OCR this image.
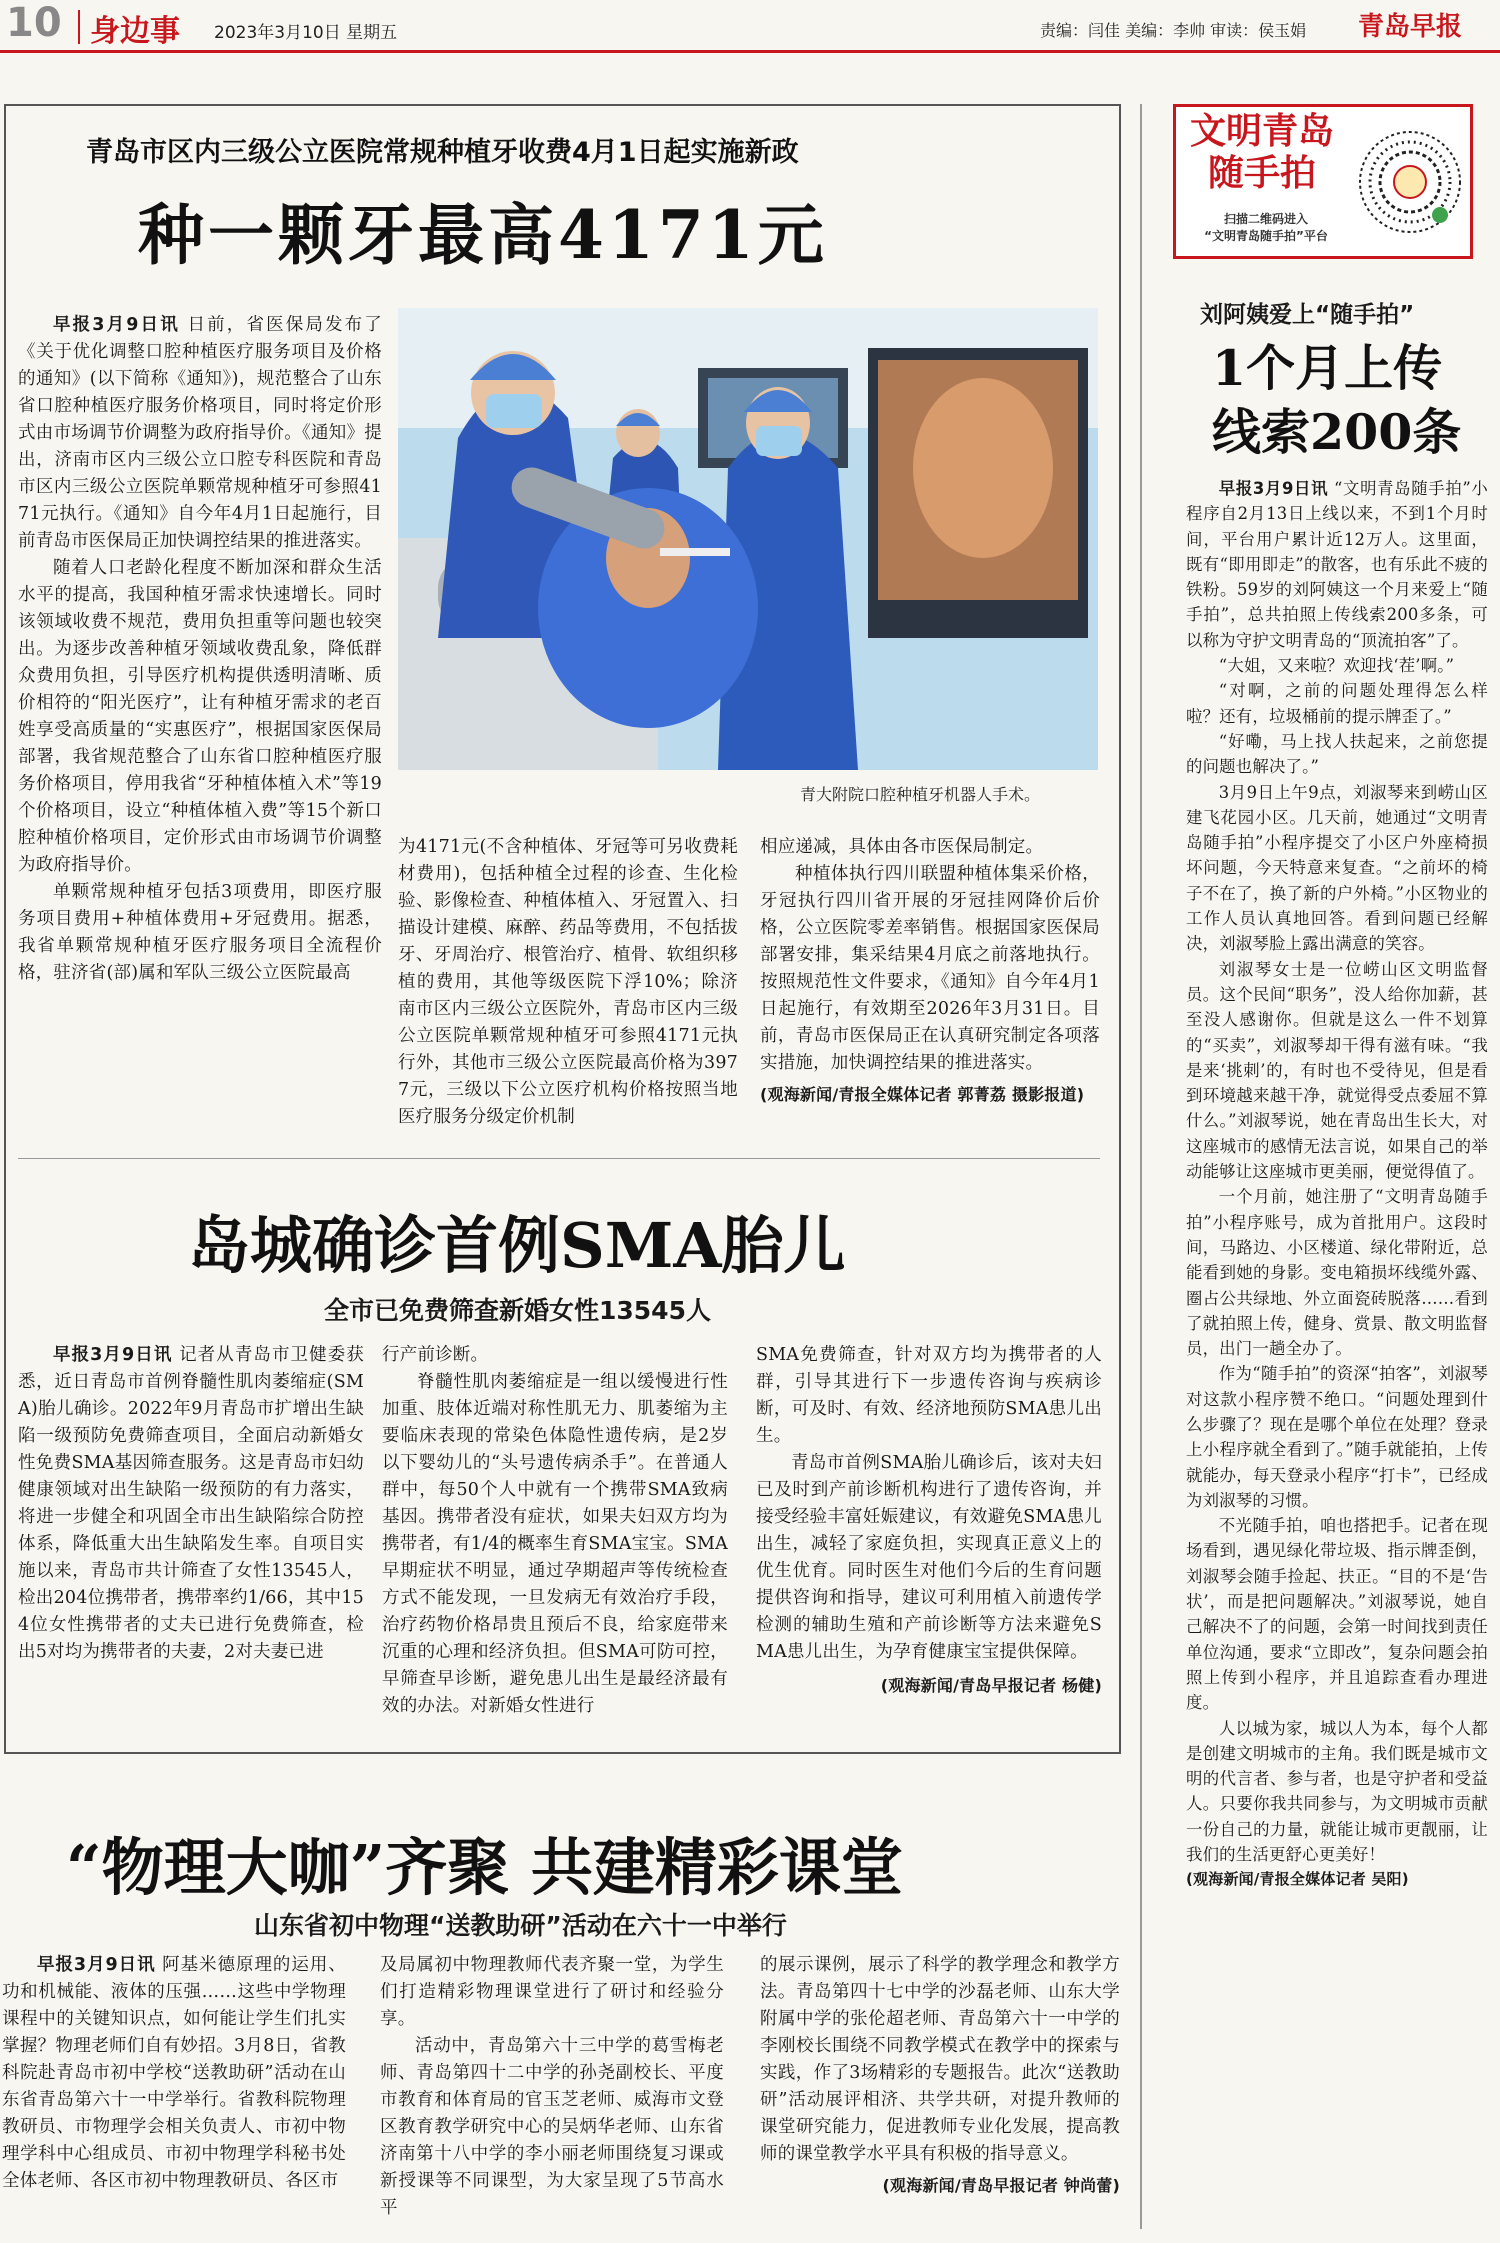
10 身边事 2023年3月10日 星期五	责编：闫佳 美编：李帅 审读：侯玉娟 青岛早报
青岛市区内三级公立医院常规种植牙收费4月1日起实施新政
种一颗牙最高4171元

早报3月9日讯 日前，省医保局发布了《关于优化调整口腔种植医疗服务项目及价格的通知》(以下简称《通知》)，规范整合了山东省口腔种植医疗服务价格项目，同时将定价形式由市场调节价调整为政府指导价。《通知》提出，济南市区内三级公立口腔专科医院和青岛市区内三级公立医院单颗常规种植牙可参照4171元执行。《通知》自今年4月1日起施行，目前青岛市医保局正加快调控结果的推进落实。

随着人口老龄化程度不断加深和群众生活水平的提高，我国种植牙需求快速增长。同时该领域收费不规范，费用负担重等问题也较突出。为逐步改善种植牙领域收费乱象，降低群众费用负担，引导医疗机构提供透明清晰、质价相符的“阳光医疗”，让有种植牙需求的老百姓享受高质量的“实惠医疗”，根据国家医保局部署，我省规范整合了山东省口腔种植医疗服务价格项目，停用我省“牙种植体植入术”等19个价格项目，设立“种植体植入费”等15个新口腔种植价格项目，定价形式由市场调节价调整为政府指导价。

单颗常规种植牙包括3项费用，即医疗服务项目费用+种植体费用+牙冠费用。据悉，我省单颗常规种植牙医疗服务项目全流程价格，驻济省(部)属和军队三级公立医院最高

青大附院口腔种植牙机器人手术。

为4171元(不含种植体、牙冠等可另收费耗材费用)，包括种植全过程的诊查、生化检验、影像检查、种植体植入、牙冠置入、扫描设计建模、麻醉、药品等费用，不包括拔牙、牙周治疗、根管治疗、植骨、软组织移植的费用，其他等级医院下浮10%；除济南市区内三级公立医院外，青岛市区内三级公立医院单颗常规种植牙可参照4171元执行外，其他市三级公立医院最高价格为3977元，三级以下公立医疗机构价格按照当地医疗服务分级定价机制

相应递减，具体由各市医保局制定。

种植体执行四川联盟种植体集采价格，牙冠执行四川省开展的牙冠挂网降价后价格，公立医院零差率销售。根据国家医保局部署安排，集采结果4月底之前落地执行。按照规范性文件要求，《通知》自今年4月1日起施行，有效期至2026年3月31日。目前，青岛市医保局正在认真研究制定各项落实措施，加快调控结果的推进落实。

(观海新闻/青报全媒体记者 郭菁荔 摄影报道)

岛城确诊首例SMA胎儿
全市已免费筛查新婚女性13545人

早报3月9日讯 记者从青岛市卫健委获悉，近日青岛市首例脊髓性肌肉萎缩症(SMA)胎儿确诊。2022年9月青岛市扩增出生缺陷一级预防免费筛查项目，全面启动新婚女性免费SMA基因筛查服务。这是青岛市妇幼健康领域对出生缺陷一级预防的有力落实，将进一步健全和巩固全市出生缺陷综合防控体系，降低重大出生缺陷发生率。自项目实施以来，青岛市共计筛查了女性13545人，检出204位携带者，携带率约1/66，其中154位女性携带者的丈夫已进行免费筛查，检出5对均为携带者的夫妻，2对夫妻已进

行产前诊断。

脊髓性肌肉萎缩症是一组以缓慢进行性加重、肢体近端对称性肌无力、肌萎缩为主要临床表现的常染色体隐性遗传病，是2岁以下婴幼儿的“头号遗传病杀手”。在普通人群中，每50个人中就有一个携带SMA致病基因。携带者没有症状，如果夫妇双方均为携带者，有1/4的概率生育SMA宝宝。SMA早期症状不明显，通过孕期超声等传统检查方式不能发现，一旦发病无有效治疗手段，治疗药物价格昂贵且预后不良，给家庭带来沉重的心理和经济负担。但SMA可防可控，早筛查早诊断，避免患儿出生是最经济最有效的办法。对新婚女性进行

SMA免费筛查，针对双方均为携带者的人群，引导其进行下一步遗传咨询与疾病诊断，可及时、有效、经济地预防SMA患儿出生。

青岛市首例SMA胎儿确诊后，该对夫妇已及时到产前诊断机构进行了遗传咨询，并接受经验丰富妊娠建议，有效避免SMA患儿出生，减轻了家庭负担，实现真正意义上的优生优育。同时医生对他们今后的生育问题提供咨询和指导，建议可利用植入前遗传学检测的辅助生殖和产前诊断等方法来避免SMA患儿出生，为孕育健康宝宝提供保障。

(观海新闻/青岛早报记者 杨健)

“物理大咖”齐聚 共建精彩课堂
山东省初中物理“送教助研”活动在六十一中举行

早报3月9日讯 阿基米德原理的运用、功和机械能、液体的压强……这些中学物理课程中的关键知识点，如何能让学生们扎实掌握？物理老师们自有妙招。3月8日，省教科院赴青岛市初中学校“送教助研”活动在山东省青岛第六十一中学举行。省教科院物理教研员、市物理学会相关负责人、市初中物理学科中心组成员、市初中物理学科秘书处全体老师、各区市初中物理教研员、各区市

及局属初中物理教师代表齐聚一堂，为学生们打造精彩物理课堂进行了研讨和经验分享。

活动中，青岛第六十三中学的葛雪梅老师、青岛第四十二中学的孙尧副校长、平度市教育和体育局的官玉芝老师、威海市文登区教育教学研究中心的吴炳华老师、山东省济南第十八中学的李小丽老师围绕复习课或新授课等不同课型，为大家呈现了5节高水平

的展示课例，展示了科学的教学理念和教学方法。青岛第四十七中学的沙磊老师、山东大学附属中学的张伦超老师、青岛第六十一中学的李刚校长围绕不同教学模式在教学中的探索与实践，作了3场精彩的专题报告。此次“送教助研”活动展评相济、共学共研，对提升教师的课堂研究能力，促进教师专业化发展，提高教师的课堂教学水平具有积极的指导意义。

(观海新闻/青岛早报记者 钟尚蕾)

文明青岛
随手拍
扫描二维码进入
“文明青岛随手拍”平台
刘阿姨爱上“随手拍”
1个月上传
线索200条

早报3月9日讯 “文明青岛随手拍”小程序自2月13日上线以来，不到1个月时间，平台用户累计近12万人。这里面，既有“即用即走”的散客，也有乐此不疲的铁粉。59岁的刘阿姨这一个月来爱上“随手拍”，总共拍照上传线索200多条，可以称为守护文明青岛的“顶流拍客”了。

“大姐，又来啦？欢迎找‘茬’啊。”

“对啊，之前的问题处理得怎么样啦？还有，垃圾桶前的提示牌歪了。”

“好嘞，马上找人扶起来，之前您提的问题也解决了。”

3月9日上午9点，刘淑琴来到崂山区建飞花园小区。几天前，她通过“文明青岛随手拍”小程序提交了小区户外座椅损坏问题，今天特意来复查。“之前坏的椅子不在了，换了新的户外椅。”小区物业的工作人员认真地回答。看到问题已经解决，刘淑琴脸上露出满意的笑容。

刘淑琴女士是一位崂山区文明监督员。这个民间“职务”，没人给你加薪，甚至没人感谢你。但就是这么一件不划算的“买卖”，刘淑琴却干得有滋有味。“我是来‘挑刺’的，有时也不受待见，但是看到环境越来越干净，就觉得受点委屈不算什么。”刘淑琴说，她在青岛出生长大，对这座城市的感情无法言说，如果自己的举动能够让这座城市更美丽，便觉得值了。

一个月前，她注册了“文明青岛随手拍”小程序账号，成为首批用户。这段时间，马路边、小区楼道、绿化带附近，总能看到她的身影。变电箱损坏线缆外露、圈占公共绿地、外立面瓷砖脱落……看到了就拍照上传，健身、赏景、散文明监督员，出门一趟全办了。

作为“随手拍”的资深“拍客”，刘淑琴对这款小程序赞不绝口。“问题处理到什么步骤了？现在是哪个单位在处理？登录上小程序就全看到了。”随手就能拍，上传就能办，每天登录小程序“打卡”，已经成为刘淑琴的习惯。

不光随手拍，咱也搭把手。记者在现场看到，遇见绿化带垃圾、指示牌歪倒，刘淑琴会随手捡起、扶正。“目的不是‘告状’，而是把问题解决。”刘淑琴说，她自己解决不了的问题，会第一时间找到责任单位沟通，要求“立即改”，复杂问题会拍照上传到小程序，并且追踪查看办理进度。

人以城为家，城以人为本，每个人都是创建文明城市的主角。我们既是城市文明的代言者、参与者，也是守护者和受益人。只要你我共同参与，为文明城市贡献一份自己的力量，就能让城市更靓丽，让我们的生活更舒心更美好！

(观海新闻/青报全媒体记者 吴阳)
